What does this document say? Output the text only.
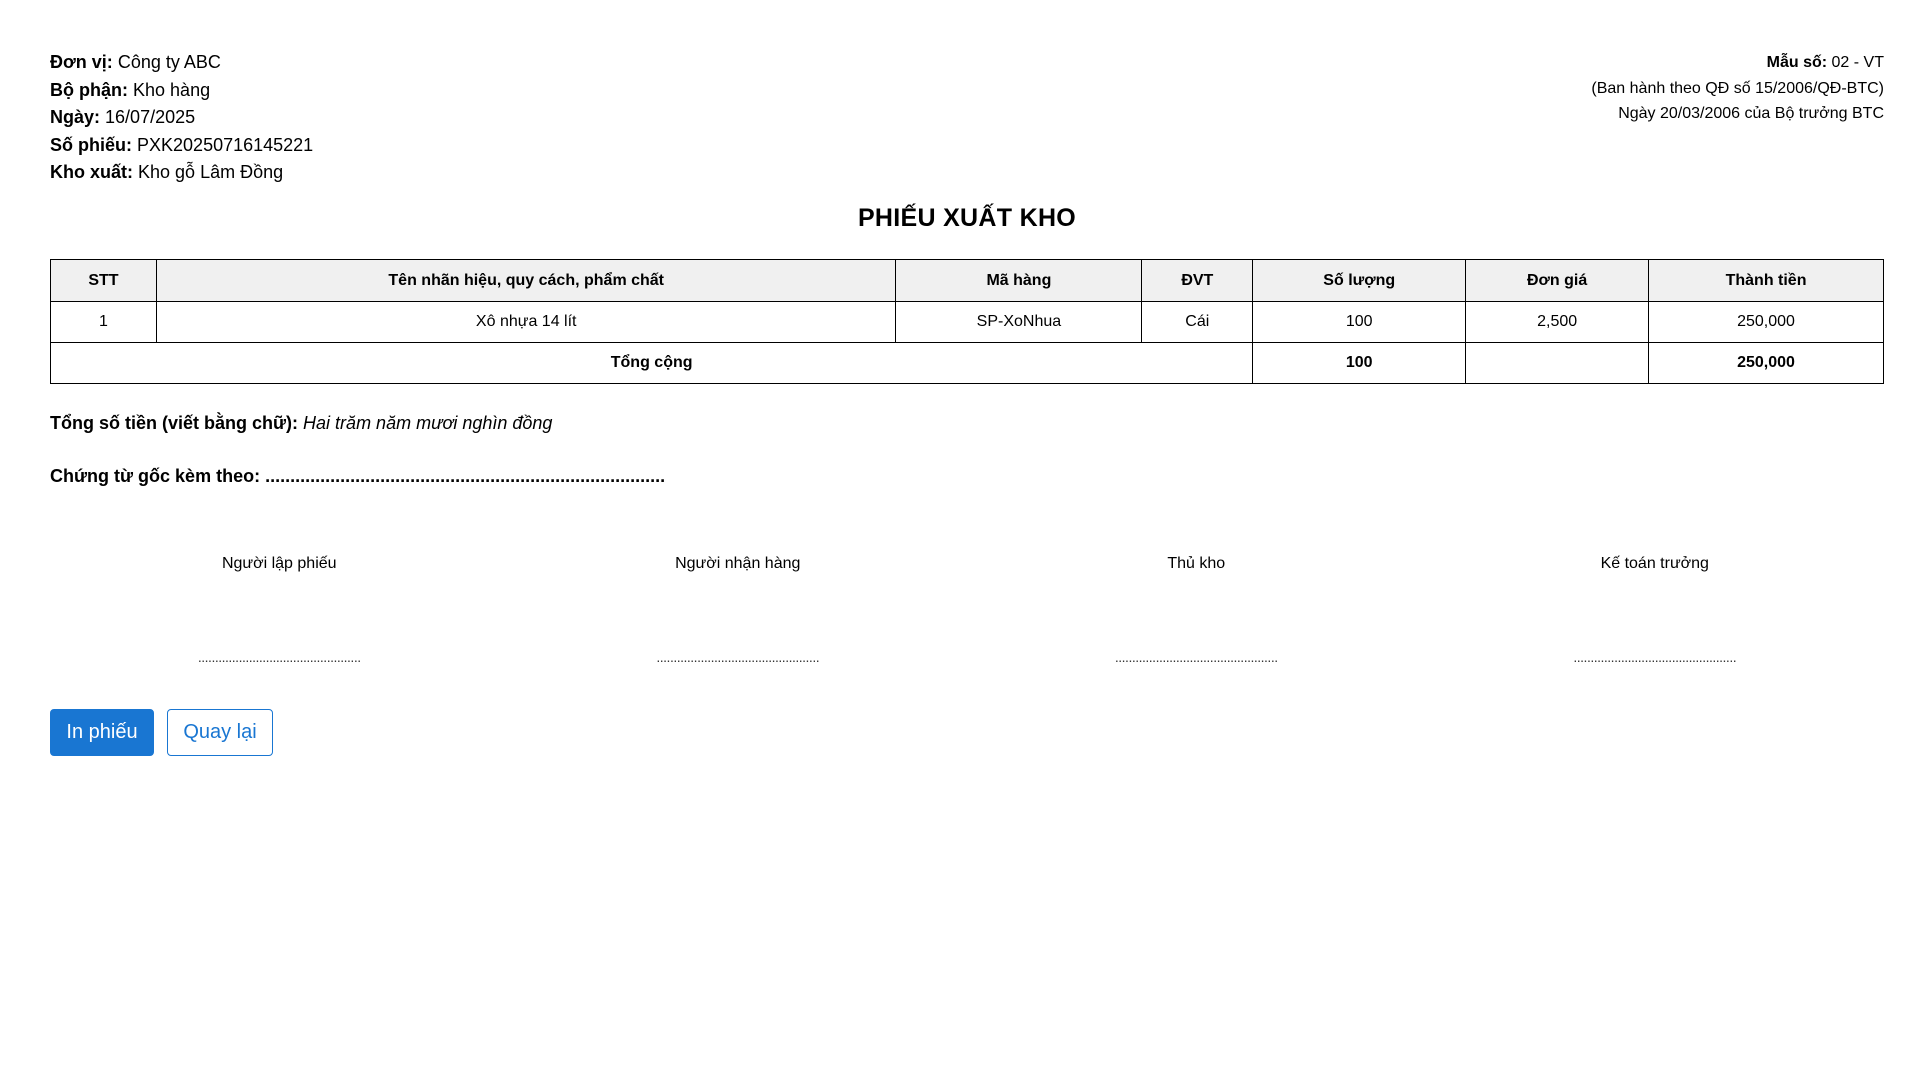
Đơn vị: Công ty ABC
Bộ phận: Kho hàng
Ngày: 16/07/2025
Số phiếu: PXK20250716145221
Kho xuất: Kho gỗ Lâm Đồng
Mẫu số: 02 - VT
(Ban hành theo QĐ số 15/2006/QĐ-BTC)
Ngày 20/03/2006 của Bộ trưởng BTC
PHIẾU XUẤT KHO
STT	Tên nhãn hiệu, quy cách, phẩm chất	Mã hàng	ĐVT	Số lượng	Đơn giá	Thành tiền
1	Xô nhựa 14 lít	SP-XoNhua	Cái	100	2,500	250,000
Tổng cộng				100		250,000
Tổng số tiền (viết bằng chữ): Hai trăm năm mươi nghìn đồng
Chứng từ gốc kèm theo: ................................................................................
Người lập phiếu
................................................
Người nhận hàng
................................................
Thủ kho
................................................
Kế toán trưởng
................................................
In phiếu	Quay lại
